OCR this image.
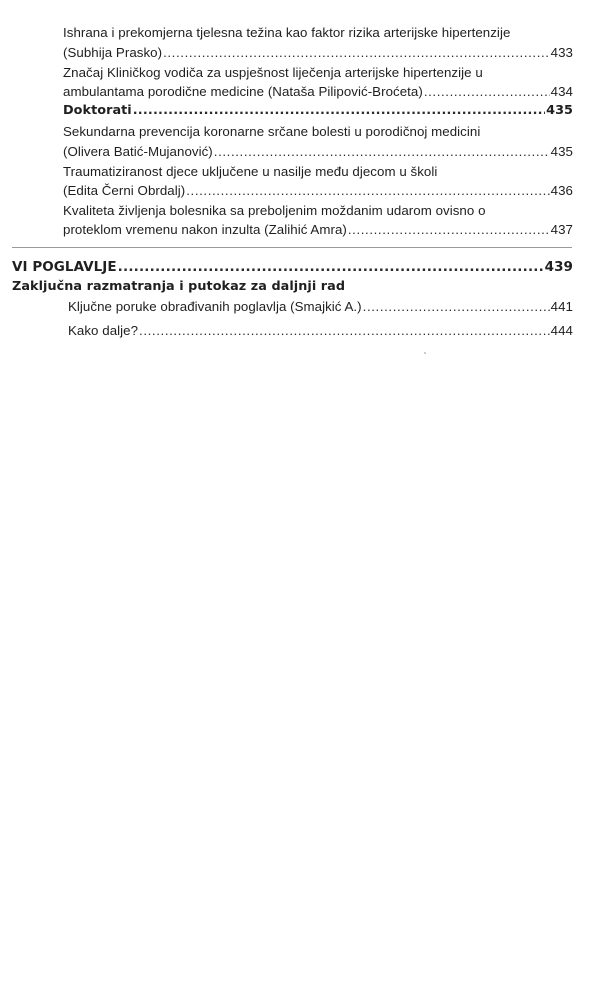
Ishrana i prekomjerna tjelesna težina kao faktor rizika arterijske hipertenzije
(Subhija Prasko) .....	433
Značaj Kliničkog vodiča za uspješnost liječenja arterijske hipertenzije u
ambulantama porodične medicine (Nataša Pilipović-Broćeta) .....	434
Doktorati .....	435
Sekundarna prevencija koronarne srčane bolesti u porodičnoj medicini
(Olivera Batić-Mujanović) .....	435
Traumatiziranost djece uključene u nasilje među djecom u školi
(Edita Černi Obrdalj) .....	436
Kvaliteta življenja bolesnika sa preboljenim moždanim udarom ovisno o
proteklom vremenu nakon inzulta (Zalihić Amra) .....	437
VI POGLAVLJE .....	439
Zaključna razmatranja i putokaz za daljnji rad
Ključne poruke obrađivanih poglavlja (Smajkić A.) .....	441
Kako dalje? .....	444
